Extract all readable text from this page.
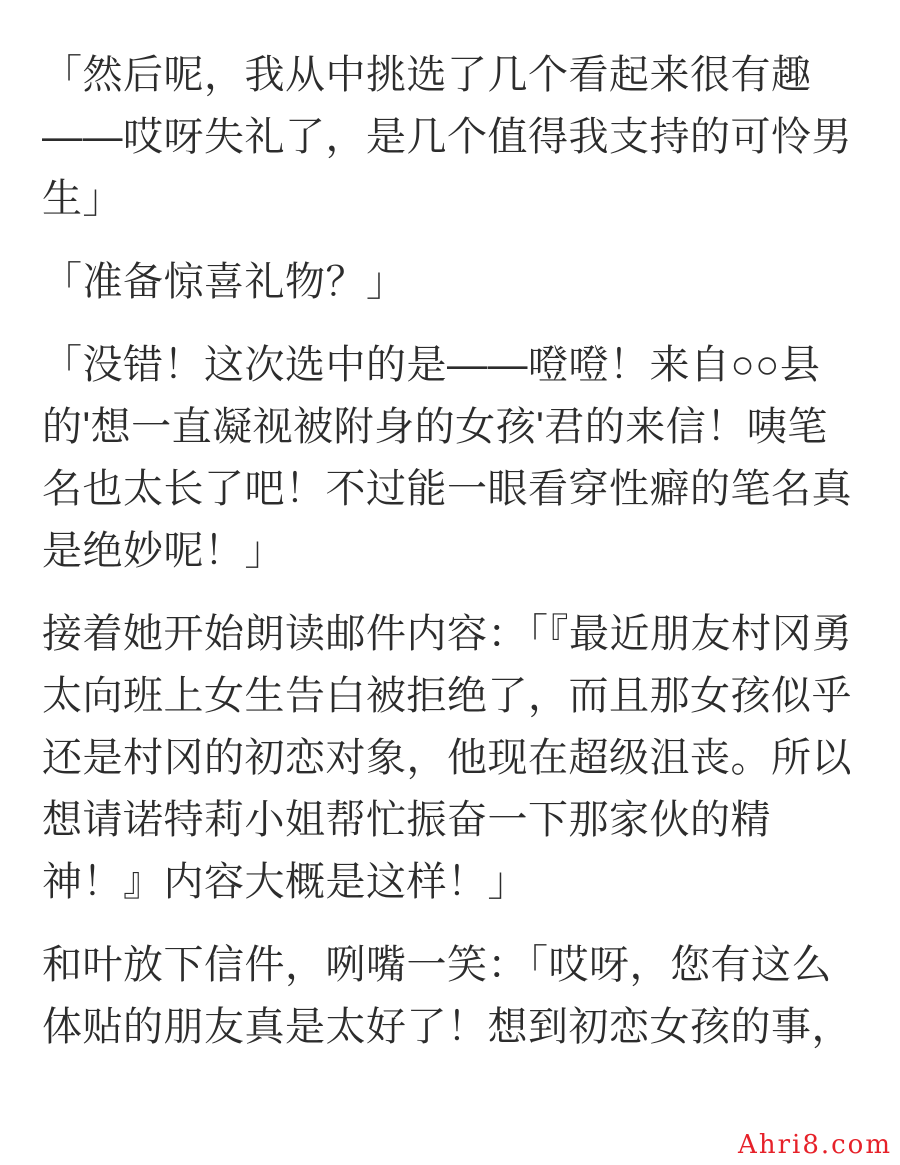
「然后呢，我从中挑选了几个看起来很有趣
——哎呀失礼了，是几个值得我支持的可怜男
生」
「准备惊喜礼物？」
「没错！这次选中的是——噔噔！来自○○县
的'想一直凝视被附身的女孩'君的来信！咦笔
名也太长了吧！不过能一眼看穿性癖的笔名真
是绝妙呢！」
接着她开始朗读邮件内容：「『最近朋友村冈勇
太向班上女生告白被拒绝了，而且那女孩似乎
还是村冈的初恋对象，他现在超级沮丧。所以
想请诺特莉小姐帮忙振奋一下那家伙的精
神！』内容大概是这样！」
和叶放下信件，咧嘴一笑：「哎呀，您有这么
体贴的朋友真是太好了！想到初恋女孩的事，
Ahri8.com
